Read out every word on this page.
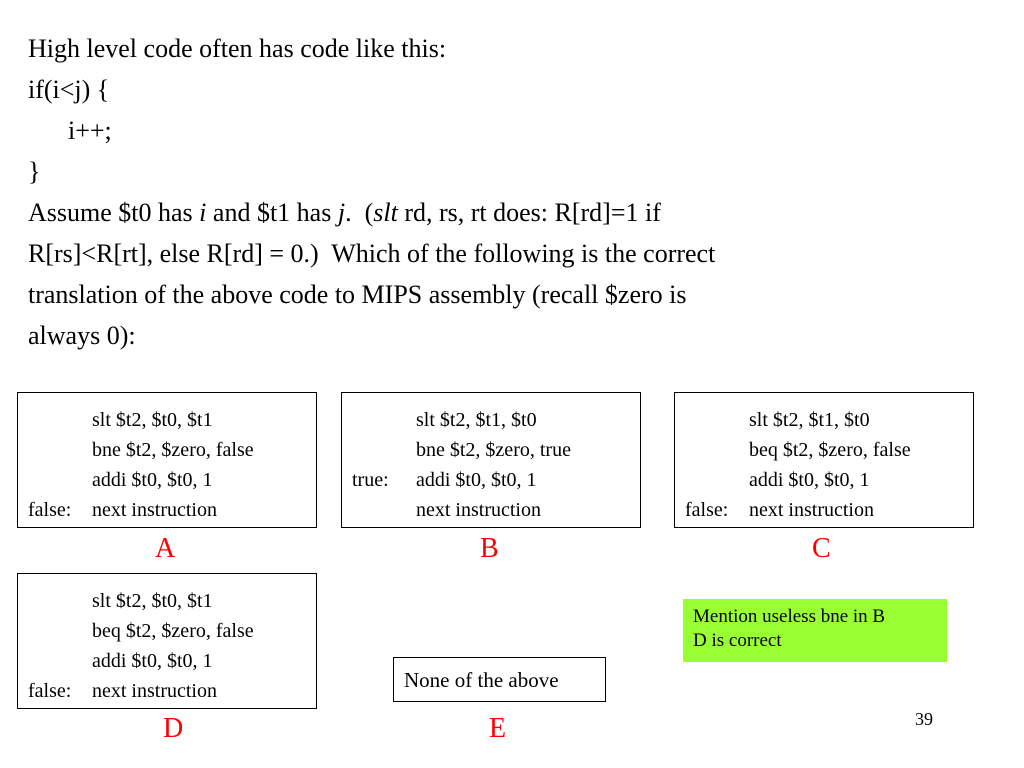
High level code often has code like this:
if(i<j) {
i++;
}
Assume $t0 has i and $t1 has j.  (slt rd, rs, rt does: R[rd]=1 if
R[rs]<R[rt], else R[rd] = 0.)  Which of the following is the correct
translation of the above code to MIPS assembly (recall $zero is
always 0):
slt $t2, $t0, $t1
bne $t2, $zero, false
addi $t0, $t0, 1
false:	next instruction
A
slt $t2, $t1, $t0
bne $t2, $zero, true
true:	addi $t0, $t0, 1
next instruction
B
slt $t2, $t1, $t0
beq $t2, $zero, false
addi $t0, $t0, 1
false:	next instruction
C
slt $t2, $t0, $t1
beq $t2, $zero, false
addi $t0, $t0, 1
false:	next instruction
D
None of the above
E
Mention useless bne in B
D is correct
39
